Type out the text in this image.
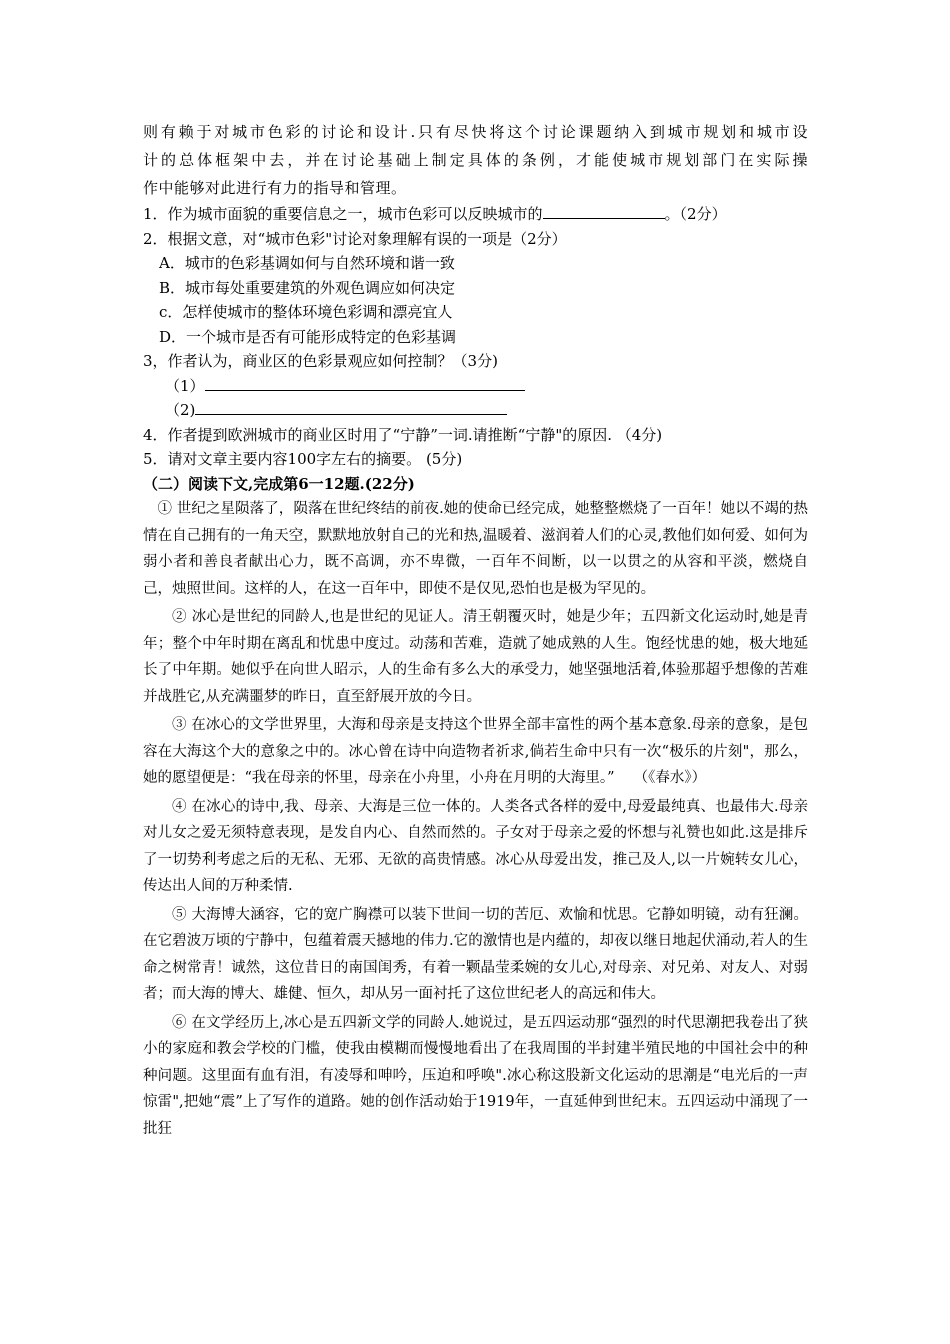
则有赖于对城市色彩的讨论和设计.只有尽快将这个讨论课题纳入到城市规划和城市设

计的总体框架中去，并在讨论基础上制定具体的条例，才能使城市规划部门在实际操

作中能够对此进行有力的指导和管理。

1．作为城市面貌的重要信息之一，城市色彩可以反映城市的	。（2分）

2．根据文意，对“城市色彩"讨论对象理解有误的一项是（2分）

A．城市的色彩基调如何与自然环境和谐一致

B．城市每处重要建筑的外观色调应如何决定

c．怎样使城市的整体环境色彩调和漂亮宜人

D．一个城市是否有可能形成特定的色彩基调

3，作者认为，商业区的色彩景观应如何控制？（3分)

（1）

（2)

4．作者提到欧洲城市的商业区时用了“宁静”一词.请推断“宁静"的原因. （4分)

5．请对文章主要内容100字左右的摘要。 (5分)

（二）阅读下文,完成第6一12题.(22分)

① 世纪之星陨落了，陨落在世纪终结的前夜.她的使命已经完成，她整整燃烧了一百年！她以不竭的热情在自己拥有的一角天空，默默地放射自己的光和热,温暖着、滋润着人们的心灵,教他们如何爱、如何为弱小者和善良者献出心力，既不高调，亦不卑微，一百年不间断，以一以贯之的从容和平淡，燃烧自己，烛照世间。这样的人，在这一百年中，即使不是仅见,恐怕也是极为罕见的。

② 冰心是世纪的同龄人,也是世纪的见证人。清王朝覆灭时，她是少年；五四新文化运动时,她是青年；整个中年时期在离乱和忧患中度过。动荡和苦难，造就了她成熟的人生。饱经忧患的她，极大地延长了中年期。她似乎在向世人昭示，人的生命有多么大的承受力，她坚强地活着,体验那超乎想像的苦难并战胜它,从充满噩梦的昨日，直至舒展开放的今日。

③ 在冰心的文学世界里，大海和母亲是支持这个世界全部丰富性的两个基本意象.母亲的意象，是包容在大海这个大的意象之中的。冰心曾在诗中向造物者祈求,倘若生命中只有一次“极乐的片刻"，那么，她的愿望便是：“我在母亲的怀里，母亲在小舟里，小舟在月明的大海里。”　 （《春水》）

④ 在冰心的诗中,我、母亲、大海是三位一体的。人类各式各样的爱中,母爱最纯真、也最伟大.母亲对儿女之爱无须特意表现，是发自内心、自然而然的。子女对于母亲之爱的怀想与礼赞也如此.这是排斥了一切势利考虑之后的无私、无邪、无欲的高贵情感。冰心从母爱出发，推己及人,以一片婉转女儿心，传达出人间的万种柔情.

⑤ 大海博大涵容，它的宽广胸襟可以装下世间一切的苦厄、欢愉和忧思。它静如明镜，动有狂澜。在它碧波万顷的宁静中，包蕴着震天撼地的伟力.它的激情也是内蕴的，却夜以继日地起伏涌动,若人的生命之树常青！诚然，这位昔日的南国闺秀，有着一颗晶莹柔婉的女儿心,对母亲、对兄弟、对友人、对弱者；而大海的博大、雄健、恒久，却从另一面衬托了这位世纪老人的高远和伟大。

⑥ 在文学经历上,冰心是五四新文学的同龄人.她说过，是五四运动那“强烈的时代思潮把我卷出了狭小的家庭和教会学校的门槛，使我由模糊而慢慢地看出了在我周围的半封建半殖民地的中国社会中的种种问题。这里面有血有泪，有凌辱和呻吟，压迫和呼唤".冰心称这股新文化运动的思潮是“电光后的一声惊雷",把她“震”上了写作的道路。她的创作活动始于1919年，一直延伸到世纪末。五四运动中涌现了一批狂
